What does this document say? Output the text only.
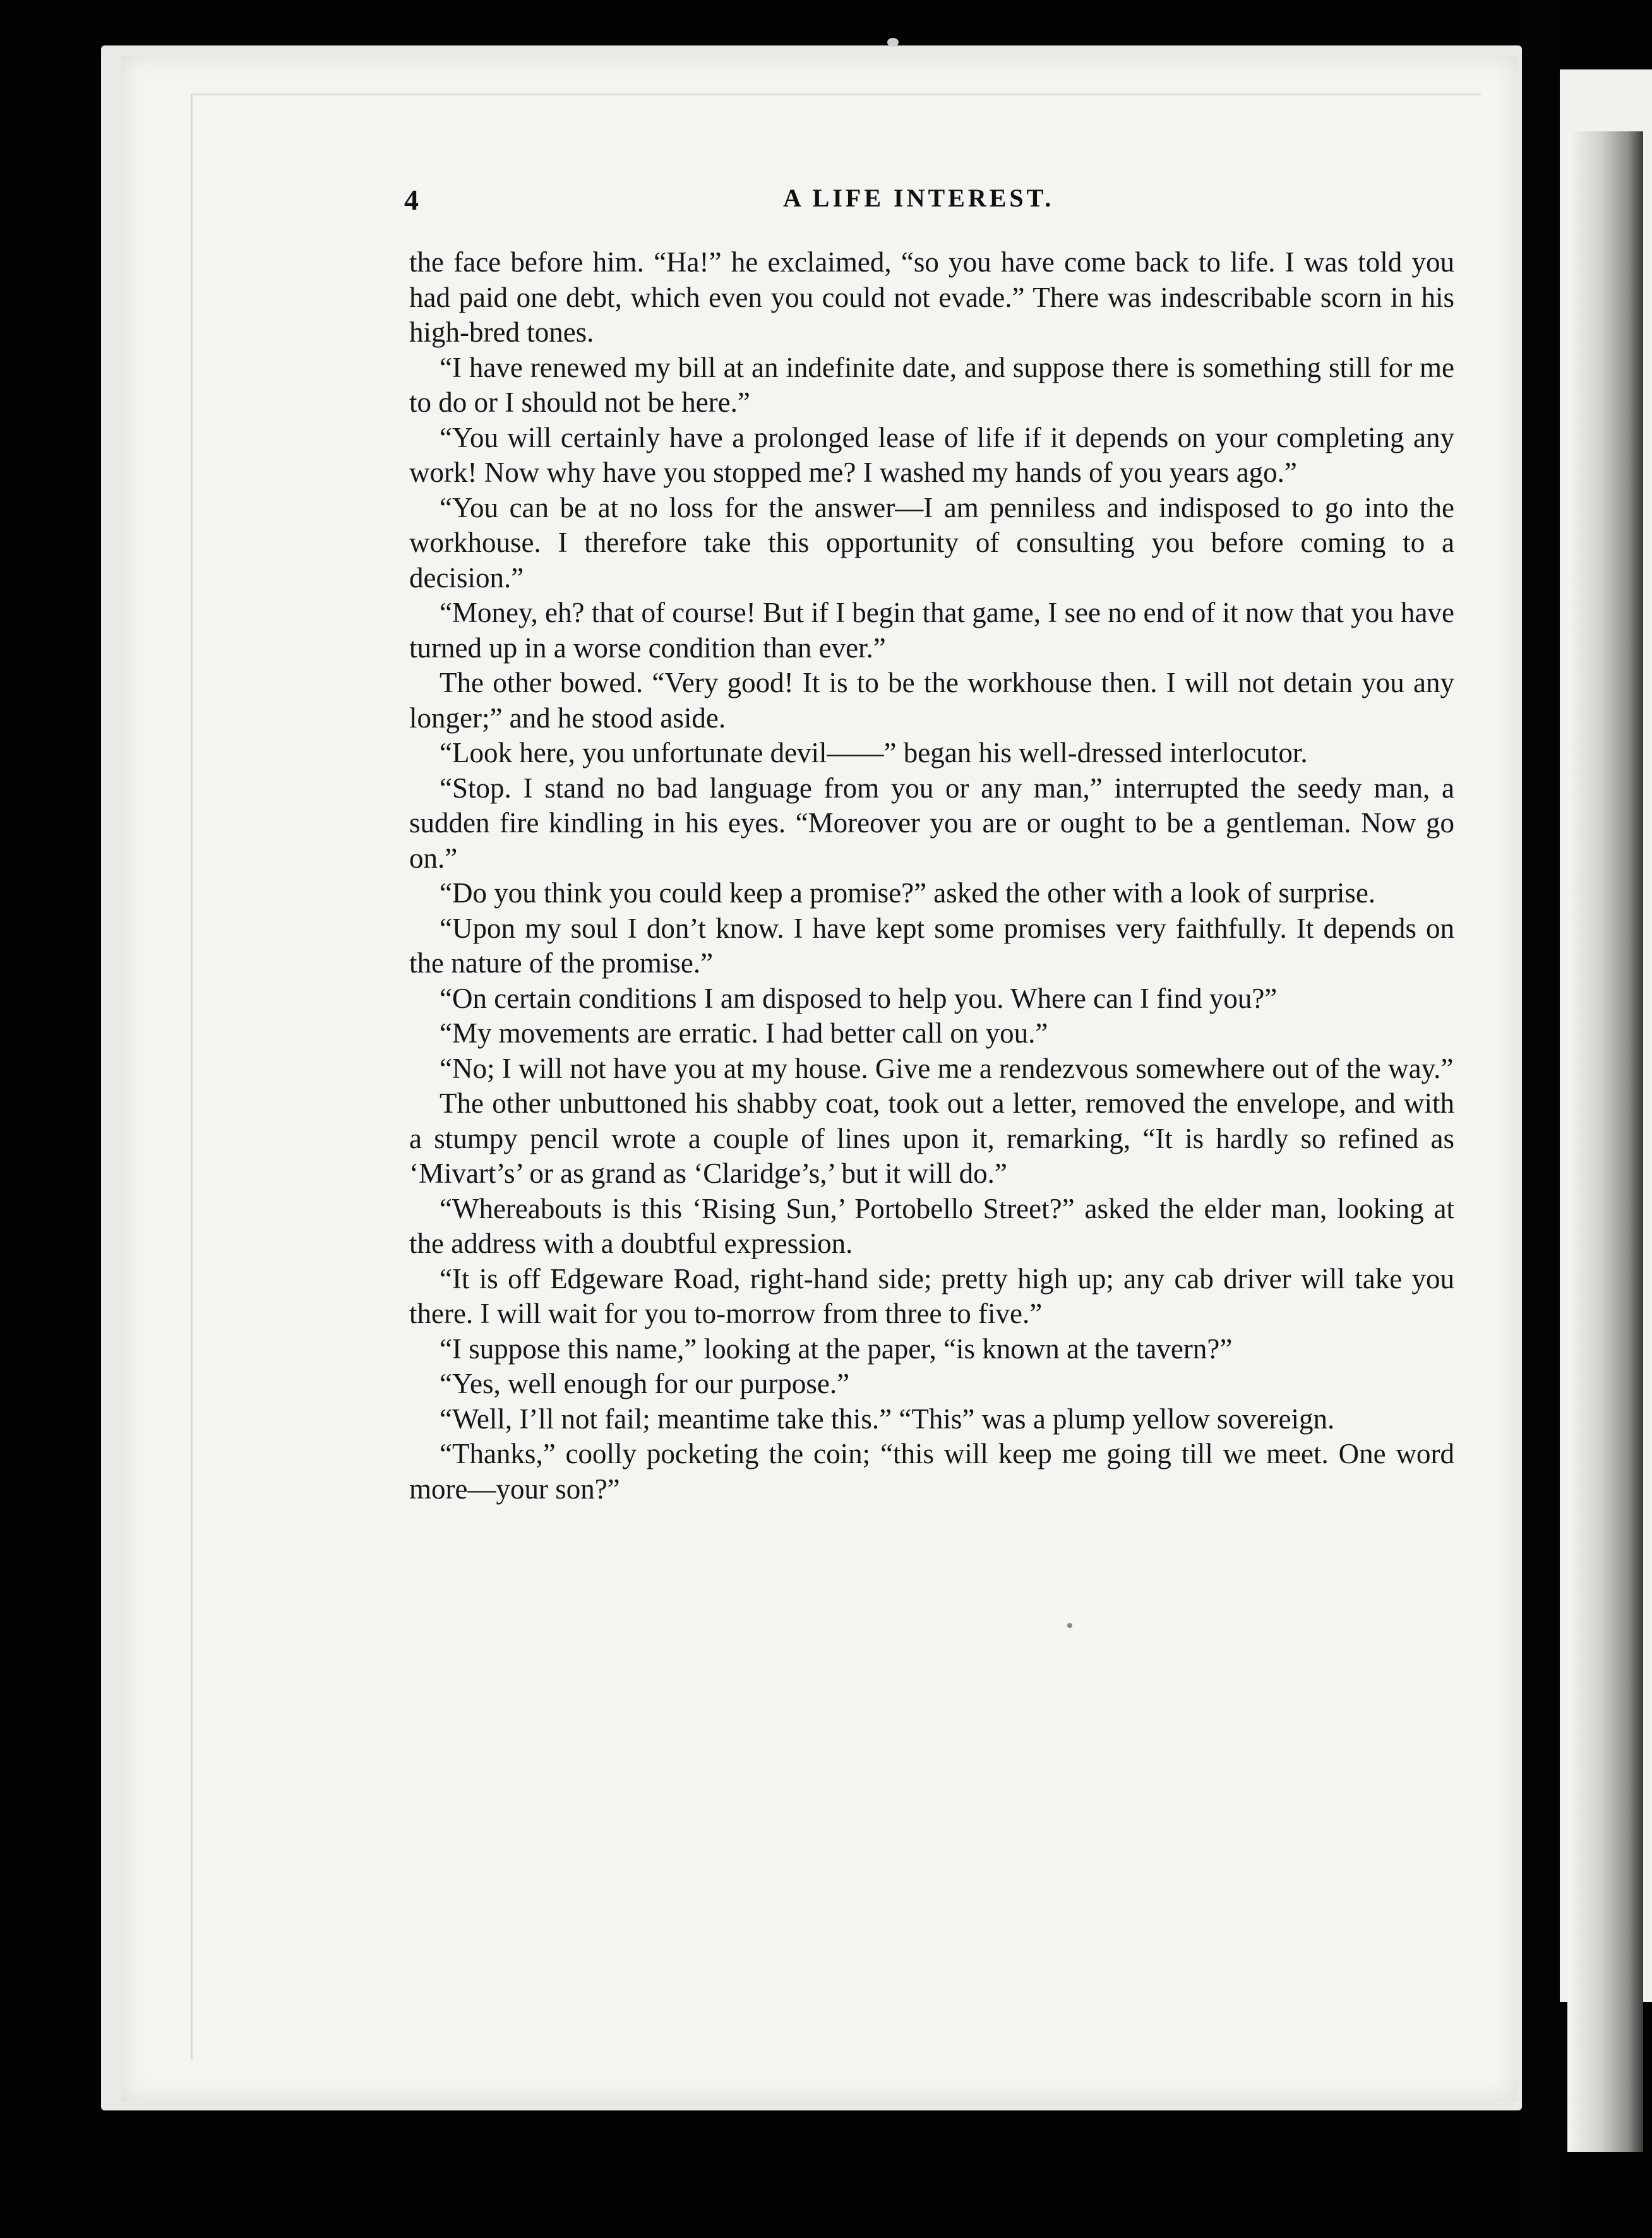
4	A LIFE INTEREST.

the face before him. “Ha!” he exclaimed, “so you have come back to life. I was told you had paid one debt, which even you could not evade.” There was indescribable scorn in his high-bred tones.

“I have renewed my bill at an indefinite date, and suppose there is something still for me to do or I should not be here.”

“You will certainly have a prolonged lease of life if it depends on your completing any work! Now why have you stopped me? I washed my hands of you years ago.”

“You can be at no loss for the answer—I am penniless and indisposed to go into the workhouse. I therefore take this opportunity of consulting you before coming to a decision.”

“Money, eh? that of course! But if I begin that game, I see no end of it now that you have turned up in a worse condition than ever.”

The other bowed. “Very good! It is to be the workhouse then. I will not detain you any longer;” and he stood aside.

“Look here, you unfortunate devil——” began his well-dressed interlocutor.

“Stop. I stand no bad language from you or any man,” interrupted the seedy man, a sudden fire kindling in his eyes. “Moreover you are or ought to be a gentleman. Now go on.”

“Do you think you could keep a promise?” asked the other with a look of surprise.

“Upon my soul I don’t know. I have kept some promises very faithfully. It depends on the nature of the promise.”

“On certain conditions I am disposed to help you. Where can I find you?”

“My movements are erratic. I had better call on you.”

“No; I will not have you at my house. Give me a rendezvous somewhere out of the way.”

The other unbuttoned his shabby coat, took out a letter, removed the envelope, and with a stumpy pencil wrote a couple of lines upon it, remarking, “It is hardly so refined as ‘Mivart’s’ or as grand as ‘Claridge’s,’ but it will do.”

“Whereabouts is this ‘Rising Sun,’ Portobello Street?” asked the elder man, looking at the address with a doubtful expression.

“It is off Edgeware Road, right-hand side; pretty high up; any cab driver will take you there. I will wait for you to-morrow from three to five.”

“I suppose this name,” looking at the paper, “is known at the tavern?”

“Yes, well enough for our purpose.”

“Well, I’ll not fail; meantime take this.” “This” was a plump yellow sovereign.

“Thanks,” coolly pocketing the coin; “this will keep me going till we meet. One word more—your son?”
